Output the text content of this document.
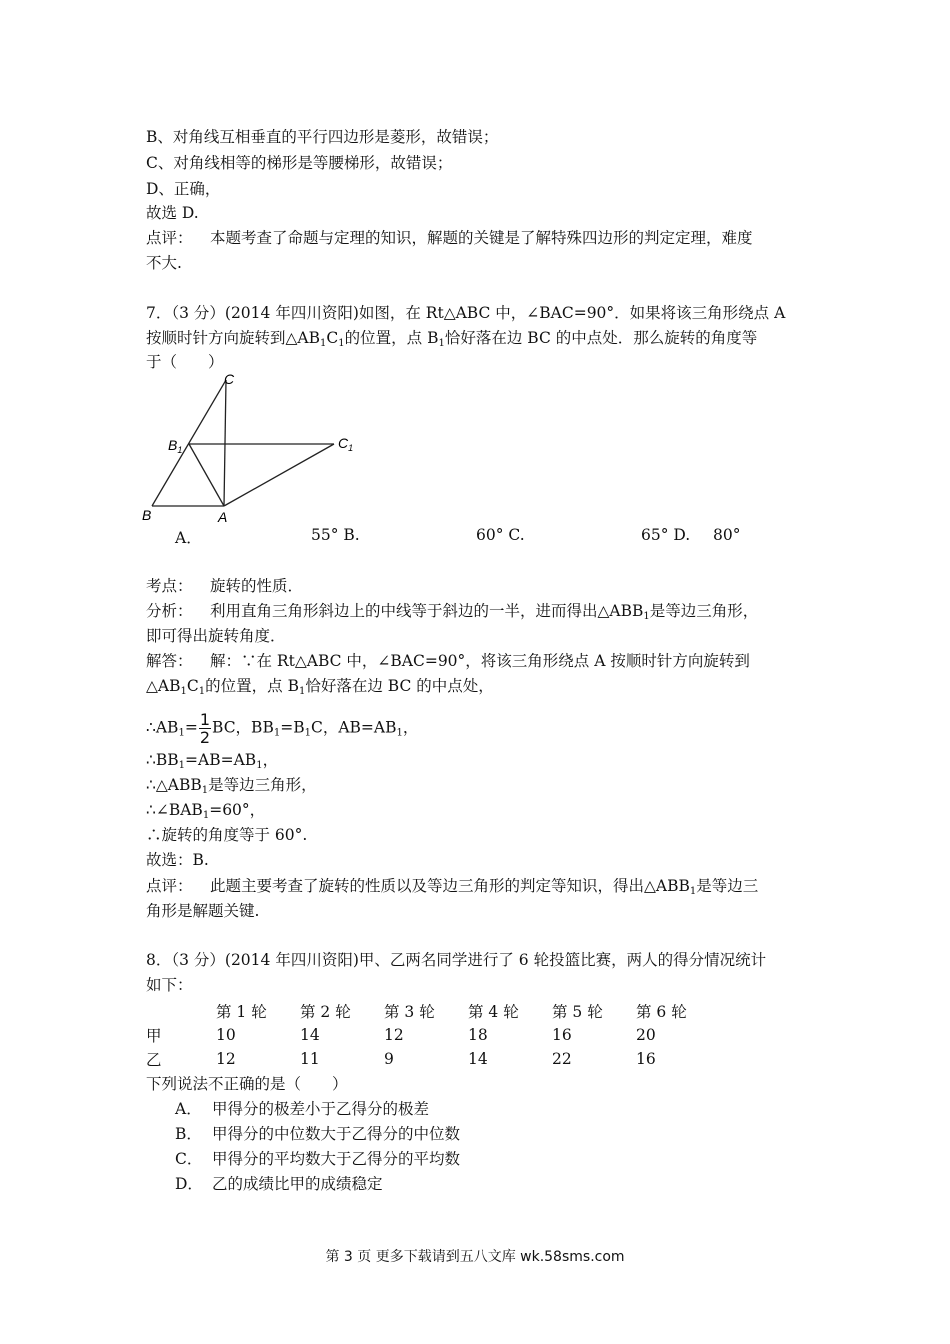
B、对角线互相垂直的平行四边形是菱形，故错误；
C、对角线相等的梯形是等腰梯形，故错误；
D、正确，
故选 D.
点评： 本题考查了命题与定理的知识，解题的关键是了解特殊四边形的判定定理，难度
不大.
7．（3 分）(2014 年四川资阳)如图，在 Rt△ABC 中，∠BAC=90°．如果将该三角形绕点 A
按顺时针方向旋转到$\triangle AB_1C_1$的位置，点 $B_1$恰好落在边 BC 的中点处．那么旋转的角度等
于（　　）
C
$B_1$	$C_1$
B	A
A．	55° B.	60° C.	65° D. 80°
考点： 旋转的性质．
分析： 利用直角三角形斜边上的中线等于斜边的一半，进而得出$\triangle ABB_1$是等边三角形，
即可得出旋转角度．
解答： 解：∵在 Rt△ABC 中，∠BAC=90°，将该三角形绕点 A 按顺时针方向旋转到
$\triangle AB_1C_1$的位置，点 $B_1$恰好落在边 BC 的中点处，
$\therefore AB_1= \frac{1}{2}$ BC，$BB_1=B_1C$，$AB=AB_1$，
$\therefore BB_1=AB=AB_1$，
$\therefore\triangle ABB_1$是等边三角形，
$\therefore\angle BAB_1=60^\circ$，
∴旋转的角度等于 60°.
故选：B.
点评： 此题主要考查了旋转的性质以及等边三角形的判定等知识，得出$\triangle ABB_1$是等边三
角形是解题关键.
8．（3 分）(2014 年四川资阳)甲、乙两名同学进行了 6 轮投篮比赛，两人的得分情况统计
如下：
第 1 轮 第 2 轮 第 3 轮 第 4 轮 第 5 轮 第 6 轮
甲	10	14	12	18	16	20
乙	12	11	9	14	22	16
下列说法不正确的是（　　）
A． 甲得分的极差小于乙得分的极差
B． 甲得分的中位数大于乙得分的中位数
C． 甲得分的平均数大于乙得分的平均数
D． 乙的成绩比甲的成绩稳定
第 3 页 更多下载请到五八文库 wk.58sms.com
